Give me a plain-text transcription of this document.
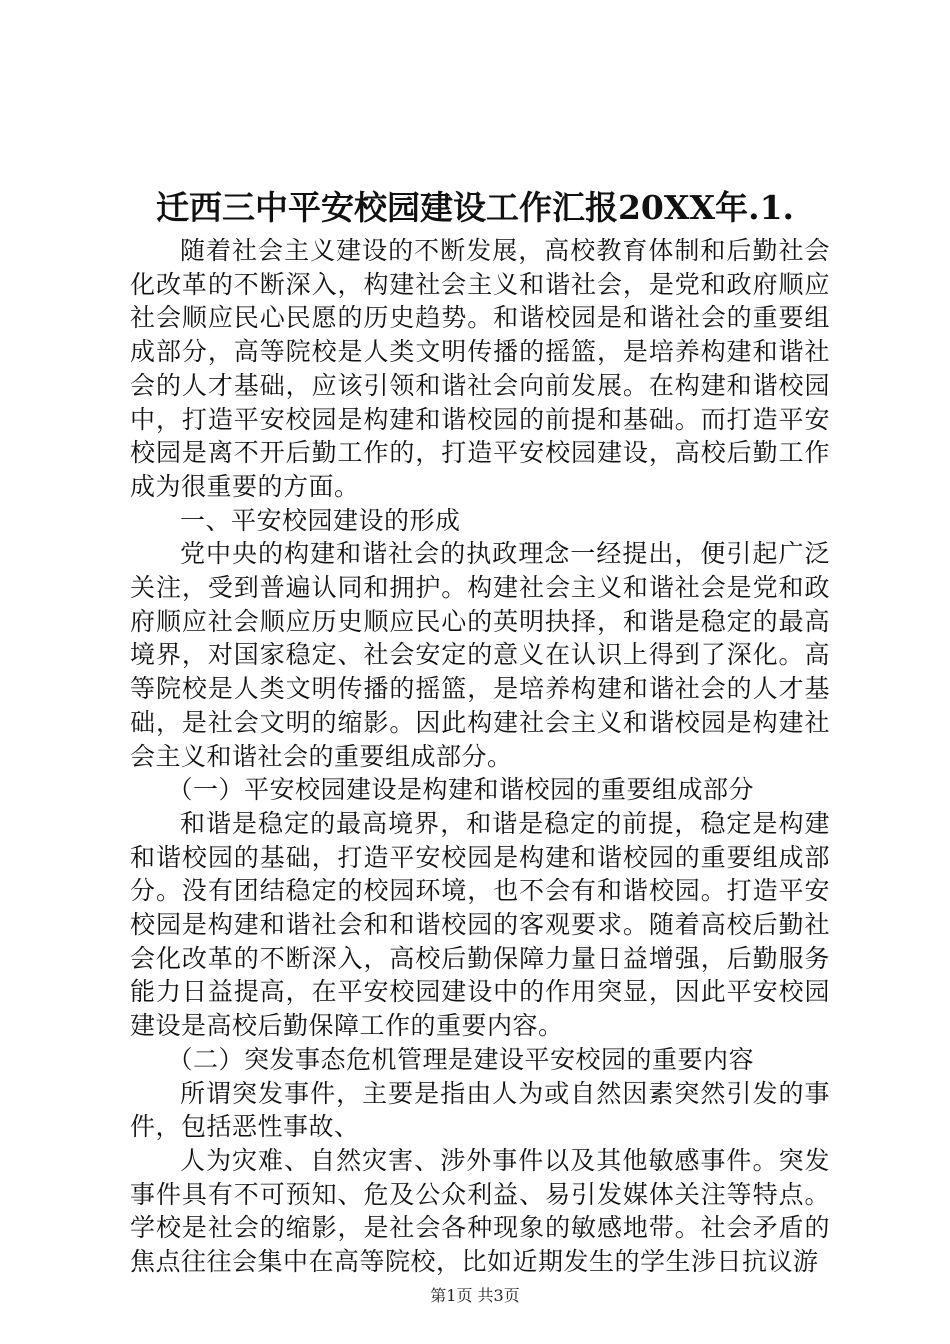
迁西三中平安校园建设工作汇报20XX年.1.

随着社会主义建设的不断发展，高校教育体制和后勤社会化改革的不断深入，构建社会主义和谐社会，是党和政府顺应社会顺应民心民愿的历史趋势。和谐校园是和谐社会的重要组成部分，高等院校是人类文明传播的摇篮，是培养构建和谐社会的人才基础，应该引领和谐社会向前发展。在构建和谐校园中，打造平安校园是构建和谐校园的前提和基础。而打造平安校园是离不开后勤工作的，打造平安校园建设，高校后勤工作成为很重要的方面。

一、平安校园建设的形成

党中央的构建和谐社会的执政理念一经提出，便引起广泛关注，受到普遍认同和拥护。构建社会主义和谐社会是党和政府顺应社会顺应历史顺应民心的英明抉择，和谐是稳定的最高境界，对国家稳定、社会安定的意义在认识上得到了深化。高等院校是人类文明传播的摇篮，是培养构建和谐社会的人才基础，是社会文明的缩影。因此构建社会主义和谐校园是构建社会主义和谐社会的重要组成部分。

（一）平安校园建设是构建和谐校园的重要组成部分

和谐是稳定的最高境界，和谐是稳定的前提，稳定是构建和谐校园的基础，打造平安校园是构建和谐校园的重要组成部分。没有团结稳定的校园环境，也不会有和谐校园。打造平安校园是构建和谐社会和和谐校园的客观要求。随着高校后勤社会化改革的不断深入，高校后勤保障力量日益增强，后勤服务能力日益提高，在平安校园建设中的作用突显，因此平安校园建设是高校后勤保障工作的重要内容。

（二）突发事态危机管理是建设平安校园的重要内容

所谓突发事件，主要是指由人为或自然因素突然引发的事件，包括恶性事故、

人为灾难、自然灾害、涉外事件以及其他敏感事件。突发事件具有不可预知、危及公众利益、易引发媒体关注等特点。学校是社会的缩影，是社会各种现象的敏感地带。社会矛盾的焦点往往会集中在高等院校，比如近期发生的学生涉日抗议游

第1页 共3页
